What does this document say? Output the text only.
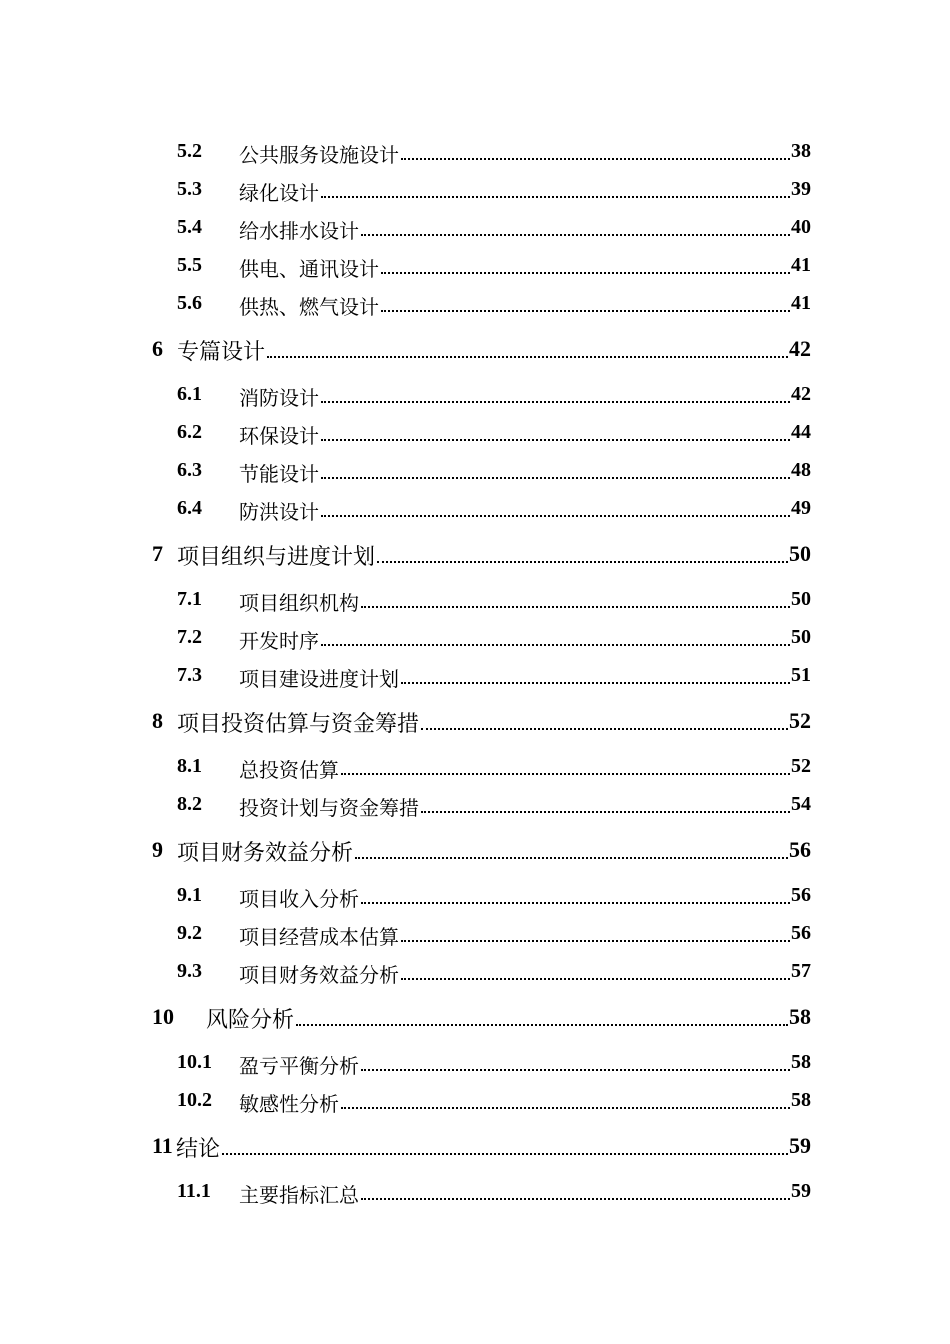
5.2 公共服务设施设计	38
5.3 绿化设计	39
5.4 给水排水设计	40
5.5 供电、通讯设计	41
5.6 供热、燃气设计	41
6 专篇设计	42
6.1 消防设计	42
6.2 环保设计	44
6.3 节能设计	48
6.4 防洪设计	49
7 项目组织与进度计划	50
7.1 项目组织机构	50
7.2 开发时序	50
7.3 项目建设进度计划	51
8 项目投资估算与资金筹措	52
8.1 总投资估算	52
8.2 投资计划与资金筹措	54
9 项目财务效益分析	56
9.1 项目收入分析	56
9.2 项目经营成本估算	56
9.3 项目财务效益分析	57
10 风险分析	58
10.1 盈亏平衡分析	58
10.2 敏感性分析	58
11 结论	59
11.1 主要指标汇总	59
